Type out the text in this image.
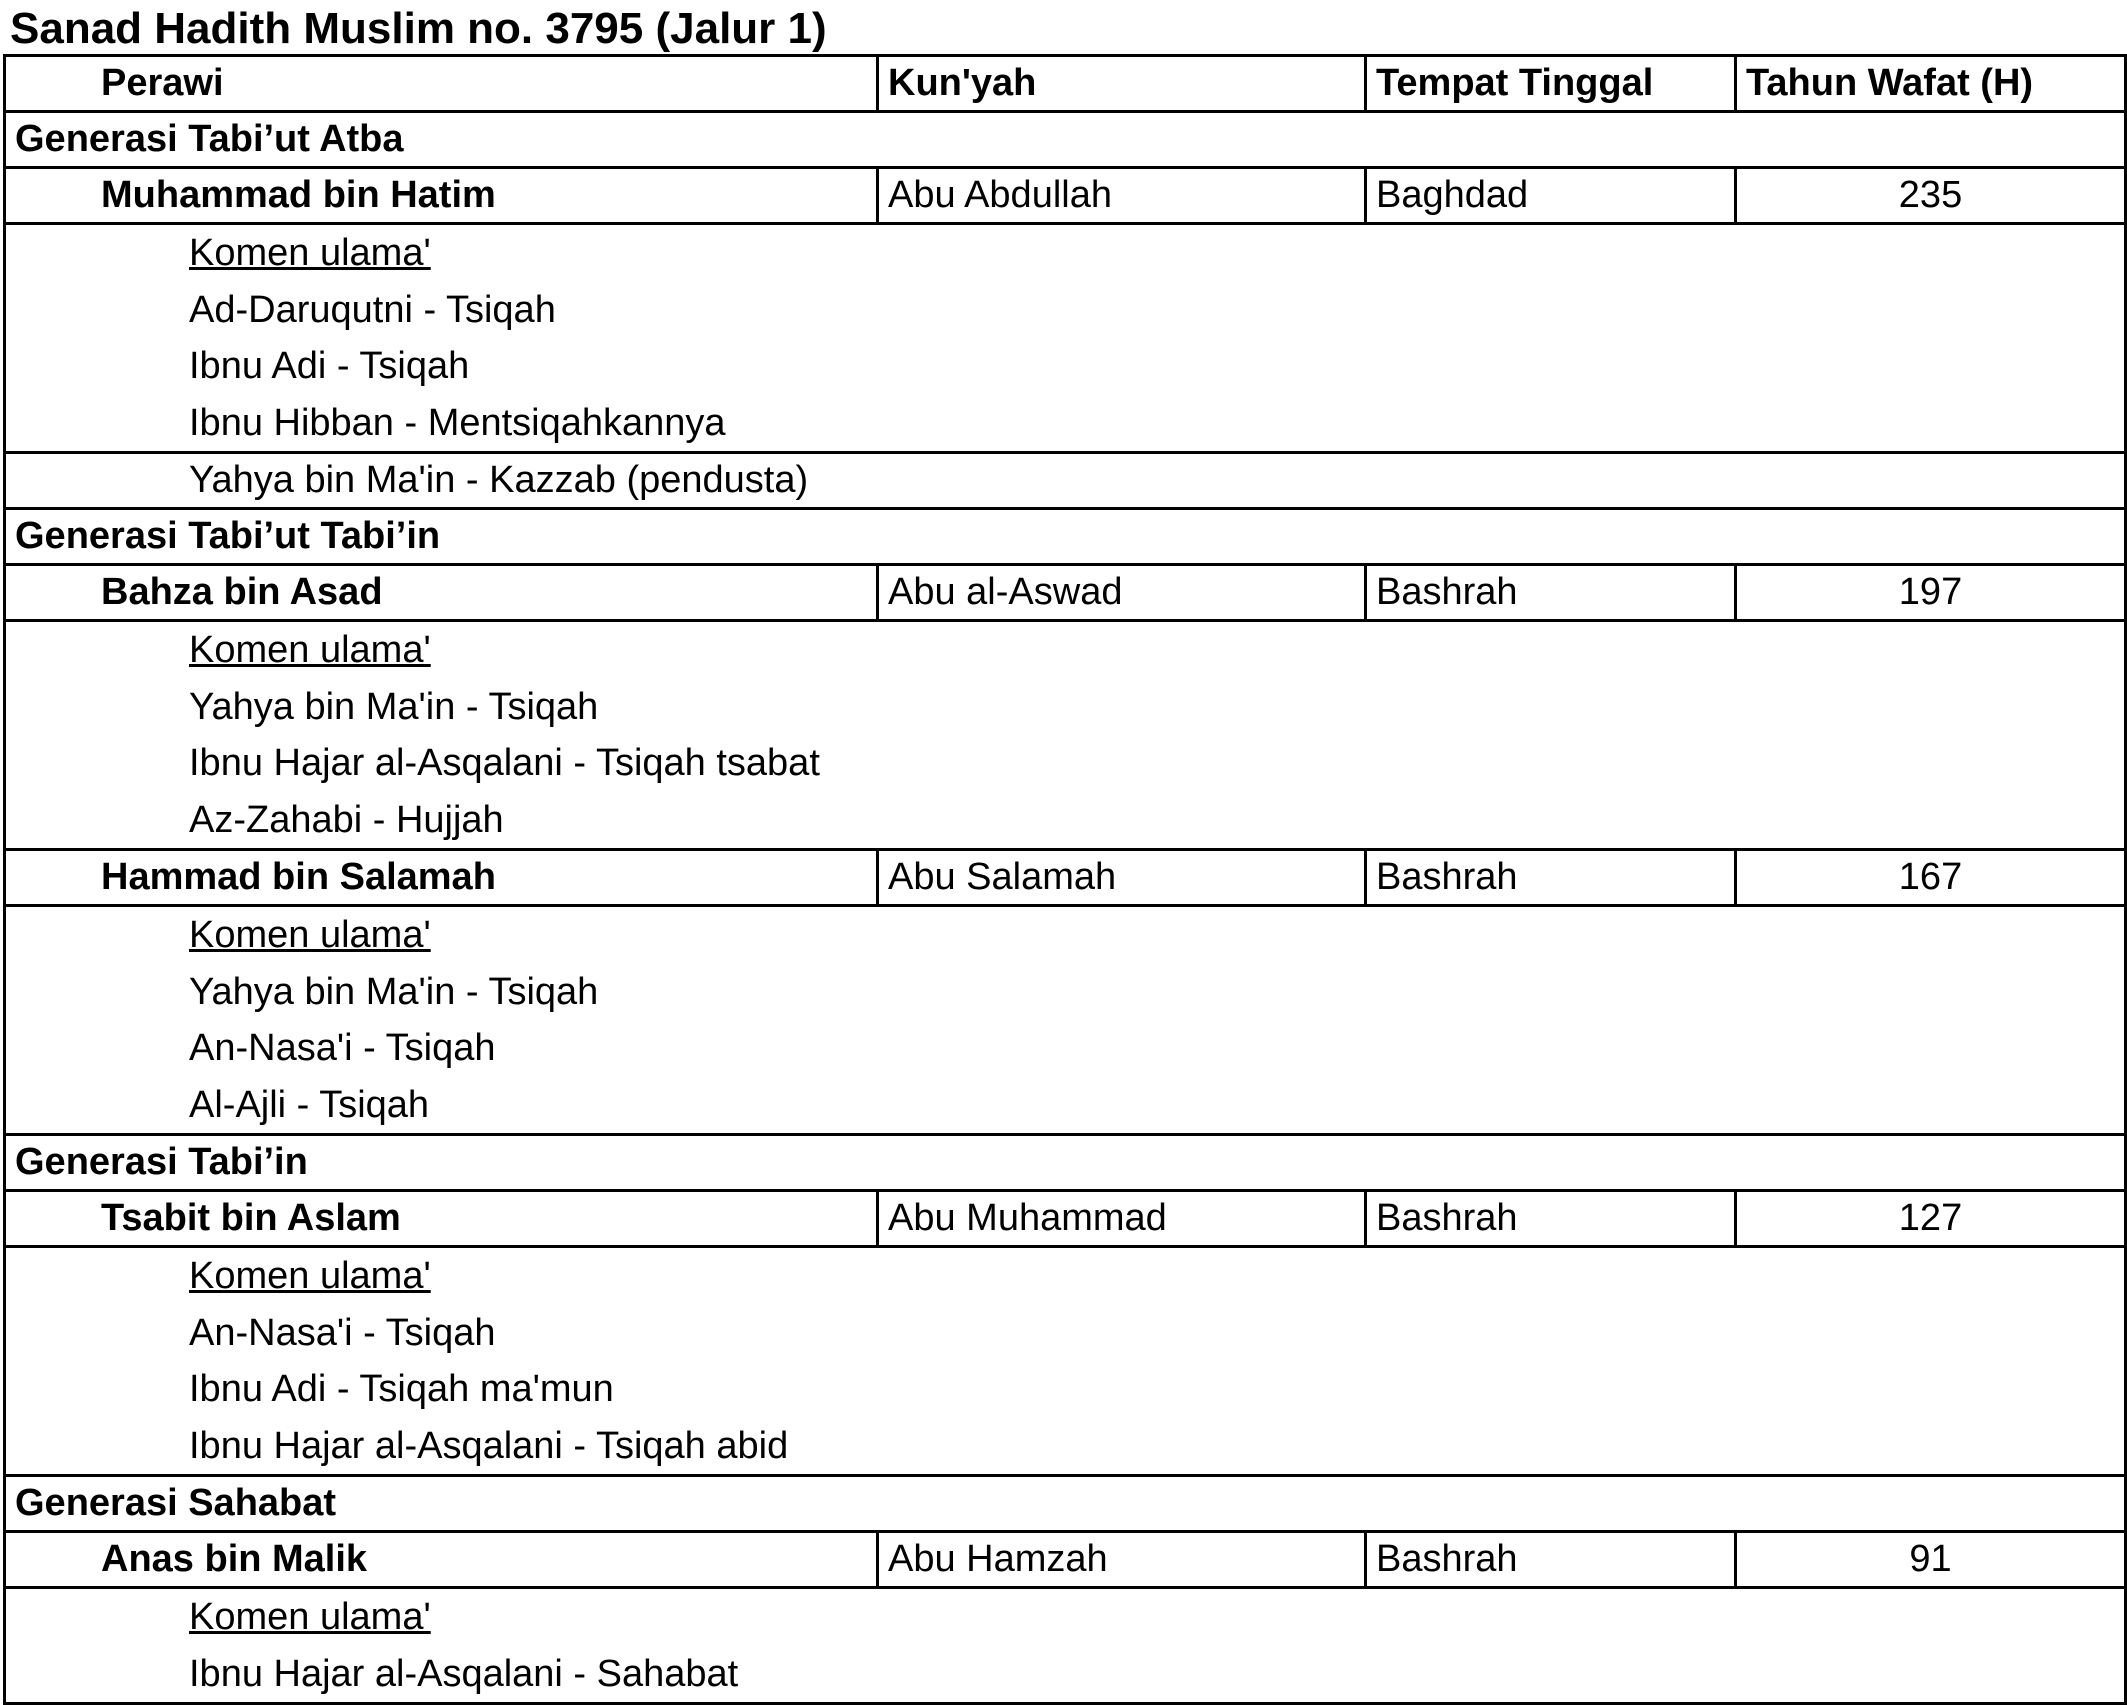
Sanad Hadith Muslim no. 3795 (Jalur 1)
Perawi	Kun'yah	Tempat Tinggal	Tahun Wafat (H)
Generasi Tabi’ut Atba			
Muhammad bin Hatim	Abu Abdullah	Baghdad	235

Komen ulama'
Ad-Daruqutni - Tsiqah
Ibnu Adi - Tsiqah
Ibnu Hibban - Mentsiqahkannya			

Yahya bin Ma'in - Kazzab (pendusta)			
Generasi Tabi’ut Tabi’in			
Bahza bin Asad	Abu al-Aswad	Bashrah	197

Komen ulama'
Yahya bin Ma'in - Tsiqah
Ibnu Hajar al-Asqalani - Tsiqah tsabat
Az-Zahabi - Hujjah			

Hammad bin Salamah	Abu Salamah	Bashrah	167

Komen ulama'
Yahya bin Ma'in - Tsiqah
An-Nasa'i - Tsiqah
Al-Ajli - Tsiqah			

Generasi Tabi’in			
Tsabit bin Aslam	Abu Muhammad	Bashrah	127

Komen ulama'
An-Nasa'i - Tsiqah
Ibnu Adi - Tsiqah ma'mun
Ibnu Hajar al-Asqalani - Tsiqah abid			

Generasi Sahabat			
Anas bin Malik	Abu Hamzah	Bashrah	91

Komen ulama'
Ibnu Hajar al-Asqalani - Sahabat			
